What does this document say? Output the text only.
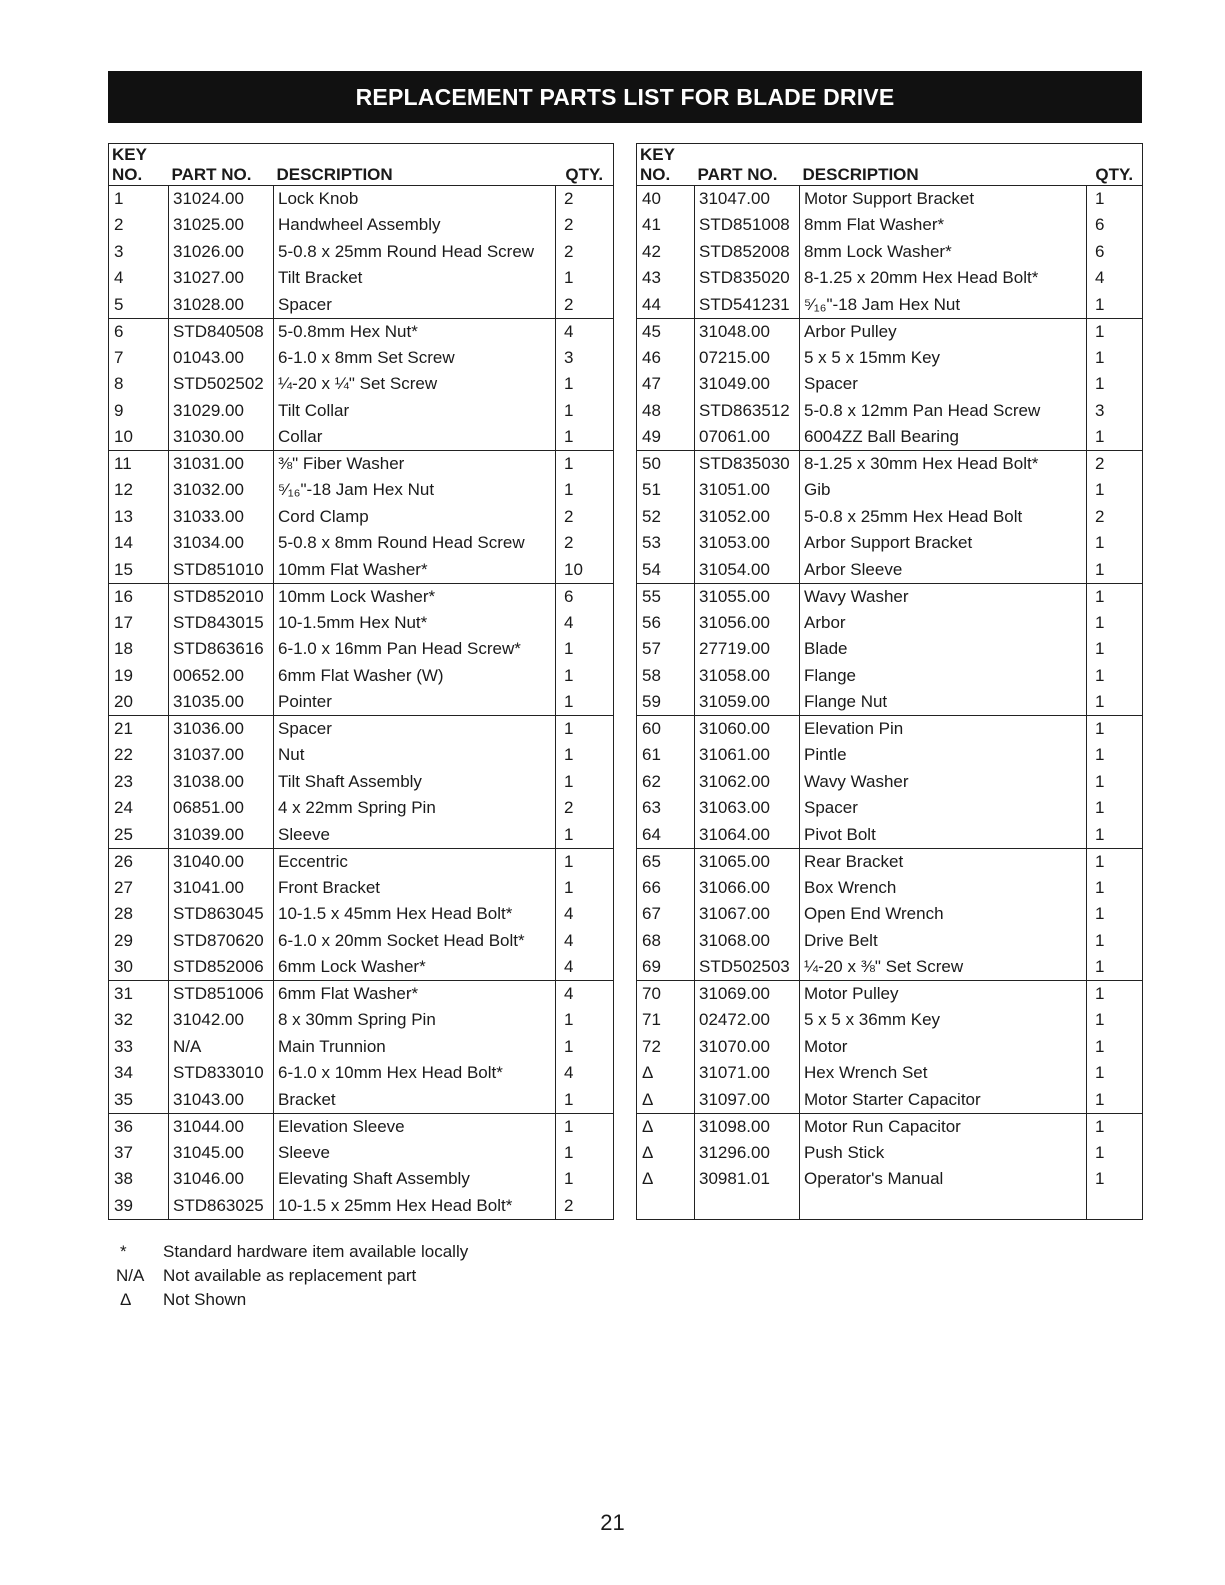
REPLACEMENT PARTS LIST FOR BLADE DRIVE
KEY			
NO.	PART NO.	DESCRIPTION	QTY.
1	31024.00	Lock Knob	2
2	31025.00	Handwheel Assembly	2
3	31026.00	5-0.8 x 25mm Round Head Screw	2
4	31027.00	Tilt Bracket	1
5	31028.00	Spacer	2
6	STD840508	5-0.8mm Hex Nut*	4
7	01043.00	6-1.0 x 8mm Set Screw	3
8	STD502502	¼-20 x ¼" Set Screw	1
9	31029.00	Tilt Collar	1
10	31030.00	Collar	1
11	31031.00	⅜" Fiber Washer	1
12	31032.00	⁵⁄₁₆"-18 Jam Hex Nut	1
13	31033.00	Cord Clamp	2
14	31034.00	5-0.8 x 8mm Round Head Screw	2
15	STD851010	10mm Flat Washer*	10
16	STD852010	10mm Lock Washer*	6
17	STD843015	10-1.5mm Hex Nut*	4
18	STD863616	6-1.0 x 16mm Pan Head Screw*	1
19	00652.00	6mm Flat Washer (W)	1
20	31035.00	Pointer	1
21	31036.00	Spacer	1
22	31037.00	Nut	1
23	31038.00	Tilt Shaft Assembly	1
24	06851.00	4 x 22mm Spring Pin	2
25	31039.00	Sleeve	1
26	31040.00	Eccentric	1
27	31041.00	Front Bracket	1
28	STD863045	10-1.5 x 45mm Hex Head Bolt*	4
29	STD870620	6-1.0 x 20mm Socket Head Bolt*	4
30	STD852006	6mm Lock Washer*	4
31	STD851006	6mm Flat Washer*	4
32	31042.00	8 x 30mm Spring Pin	1
33	N/A	Main Trunnion	1
34	STD833010	6-1.0 x 10mm Hex Head Bolt*	4
35	31043.00	Bracket	1
36	31044.00	Elevation Sleeve	1
37	31045.00	Sleeve	1
38	31046.00	Elevating Shaft Assembly	1
39	STD863025	10-1.5 x 25mm Hex Head Bolt*	2
KEY			
NO.	PART NO.	DESCRIPTION	QTY.
40	31047.00	Motor Support Bracket	1
41	STD851008	8mm Flat Washer*	6
42	STD852008	8mm Lock Washer*	6
43	STD835020	8-1.25 x 20mm Hex Head Bolt*	4
44	STD541231	⁵⁄₁₆"-18 Jam Hex Nut	1
45	31048.00	Arbor Pulley	1
46	07215.00	5 x 5 x 15mm Key	1
47	31049.00	Spacer	1
48	STD863512	5-0.8 x 12mm Pan Head Screw	3
49	07061.00	6004ZZ Ball Bearing	1
50	STD835030	8-1.25 x 30mm Hex Head Bolt*	2
51	31051.00	Gib	1
52	31052.00	5-0.8 x 25mm Hex Head Bolt	2
53	31053.00	Arbor Support Bracket	1
54	31054.00	Arbor Sleeve	1
55	31055.00	Wavy Washer	1
56	31056.00	Arbor	1
57	27719.00	Blade	1
58	31058.00	Flange	1
59	31059.00	Flange Nut	1
60	31060.00	Elevation Pin	1
61	31061.00	Pintle	1
62	31062.00	Wavy Washer	1
63	31063.00	Spacer	1
64	31064.00	Pivot Bolt	1
65	31065.00	Rear Bracket	1
66	31066.00	Box Wrench	1
67	31067.00	Open End Wrench	1
68	31068.00	Drive Belt	1
69	STD502503	¼-20 x ⅜" Set Screw	1
70	31069.00	Motor Pulley	1
71	02472.00	5 x 5 x 36mm Key	1
72	31070.00	Motor	1
Δ	31071.00	Hex Wrench Set	1
Δ	31097.00	Motor Starter Capacitor	1
Δ	31098.00	Motor Run Capacitor	1
Δ	31296.00	Push Stick	1
Δ	30981.01	Operator's Manual	1

*	Standard hardware item available locally
N/A	Not available as replacement part
Δ	Not Shown
21
